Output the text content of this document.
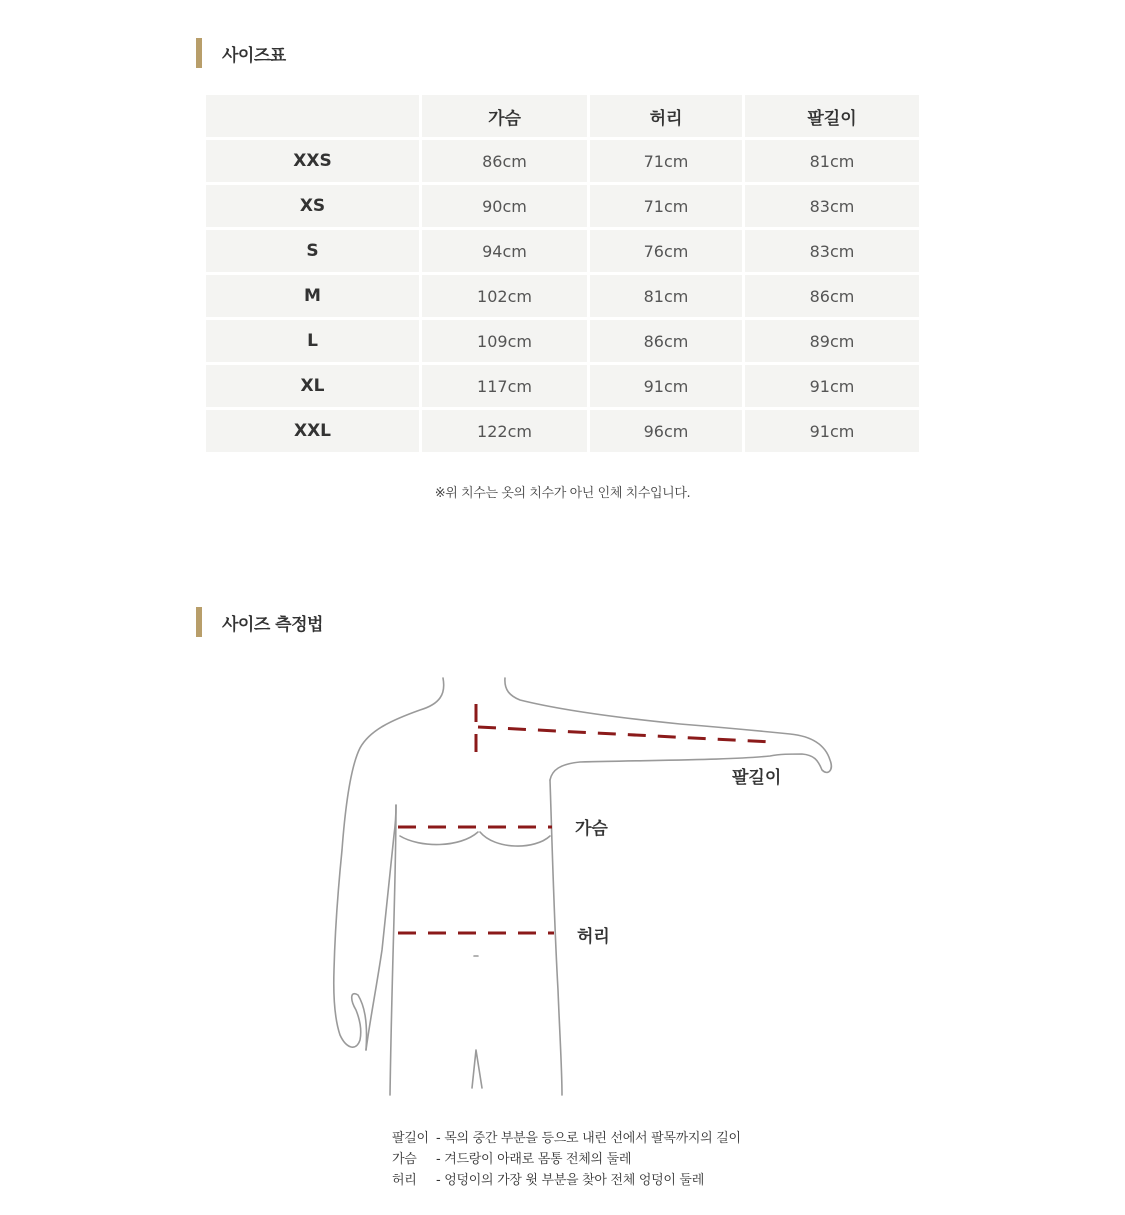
사이즈표
	가슴	허리	팔길이
XXS	86cm	71cm	81cm
XS	90cm	71cm	83cm
S	94cm	76cm	83cm
M	102cm	81cm	86cm
L	109cm	86cm	89cm
XL	117cm	91cm	91cm
XXL	122cm	96cm	91cm
※위 치수는 옷의 치수가 아닌 인체 치수입니다.
사이즈 측정법
팔길이
가슴
허리
팔길이 - 목의 중간 부분을 등으로 내린 선에서 팔목까지의 길이
가슴	- 겨드랑이 아래로 몸통 전체의 둘레
허리	- 엉덩이의 가장 윗 부분을 찾아 전체 엉덩이 둘레
